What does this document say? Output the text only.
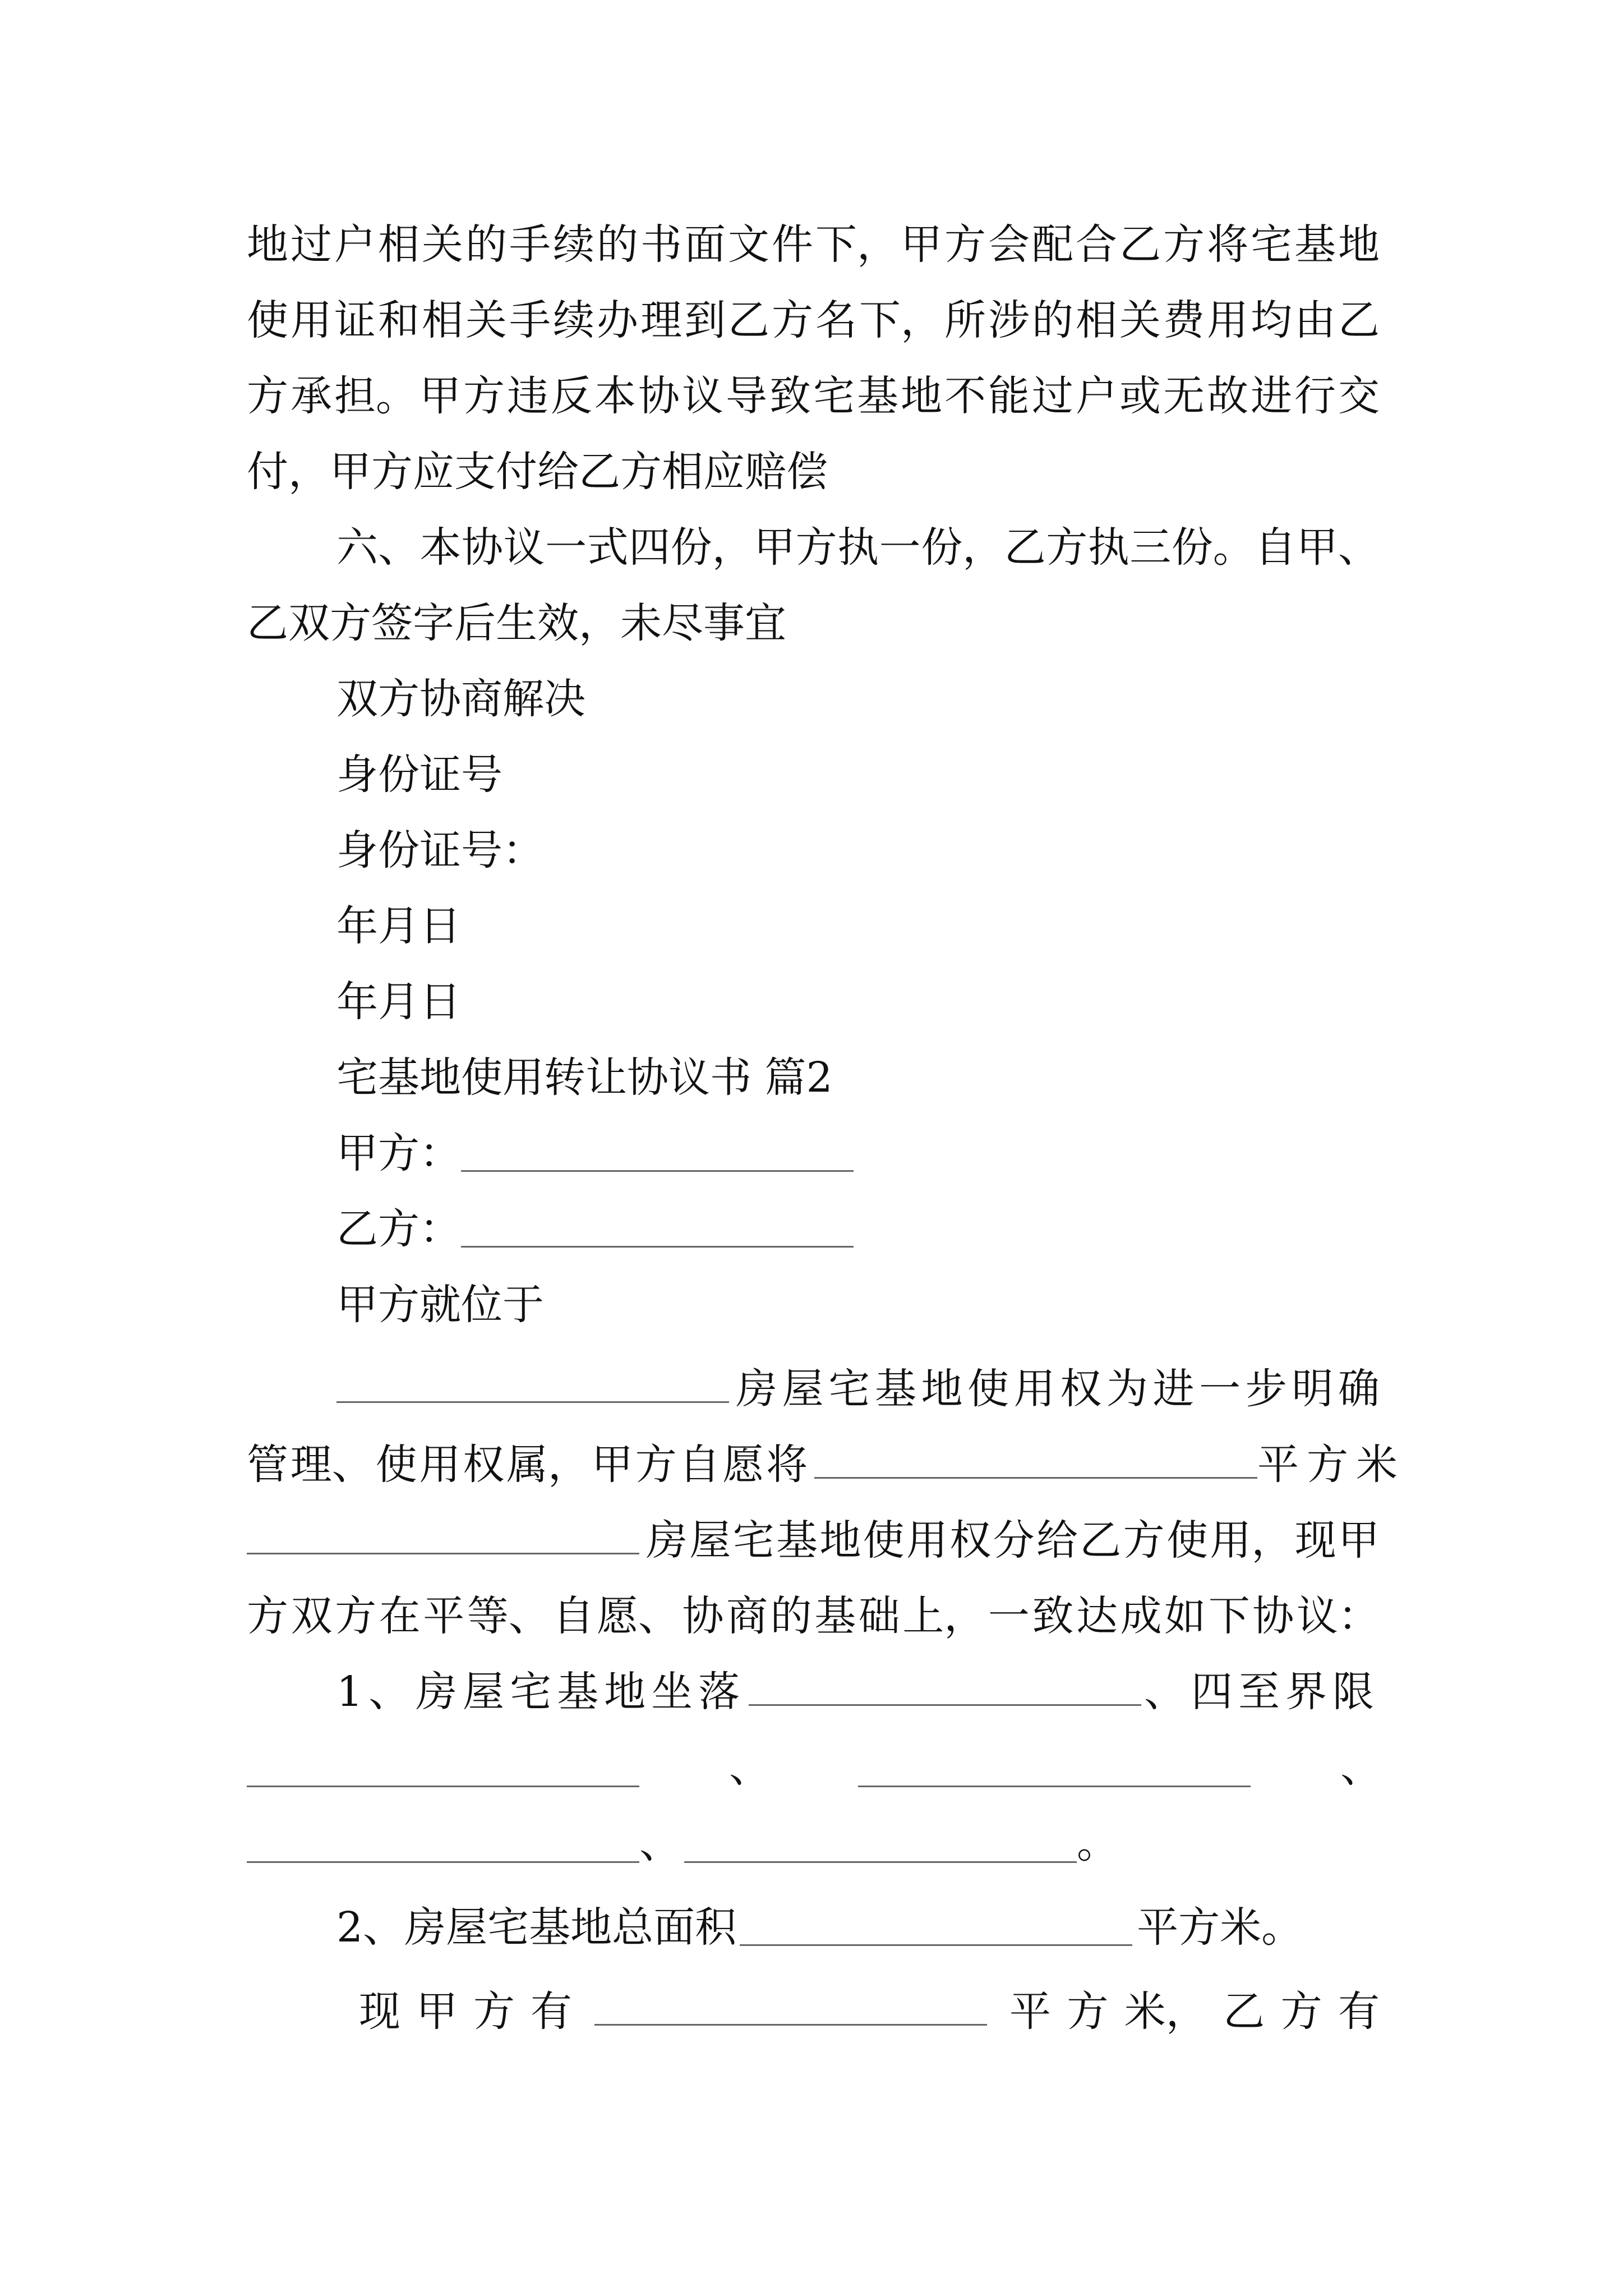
地 过 户 相 关 的 手 续 的 书 面 文 件 下， 甲 方 会 配 合 乙 方 将 宅 基 地
使 用 证 和 相 关 手 续 办 理 到 乙 方 名 下， 所 涉 的 相 关 费 用 均 由 乙
方 承 担。 甲 方 违 反 本 协 议 导 致 宅 基 地 不 能 过 户 或 无 故 进 行 交
付，甲方应支付给乙方相应赔偿
六、 本 协 议 一 式 四 份， 甲 方 执 一 份， 乙 方 执 三 份。 自 甲、
乙双方签字后生效，未尽事宜
双方协商解决
身份证号
身份证号：
年月日
年月日
宅基地使用转让协议书 篇2
甲方：
乙方：
甲方就位于
房 屋 宅 基 地 使 用 权 为 进 一 步 明 确
管 理、 使 用 权 属， 甲 方 自 愿 将	平方米
房 屋 宅 基 地 使 用 权 分 给 乙 方 使 用， 现 甲
方 双 方 在 平 等、 自 愿、 协 商 的 基 础 上， 一 致 达 成 如 下 协 议：
1、房屋宅基地坐落	、四至界限
、	、
、	。
2、房屋宅基地总面积	平方米。
现 甲 方 有	平 方 米， 乙 方 有
